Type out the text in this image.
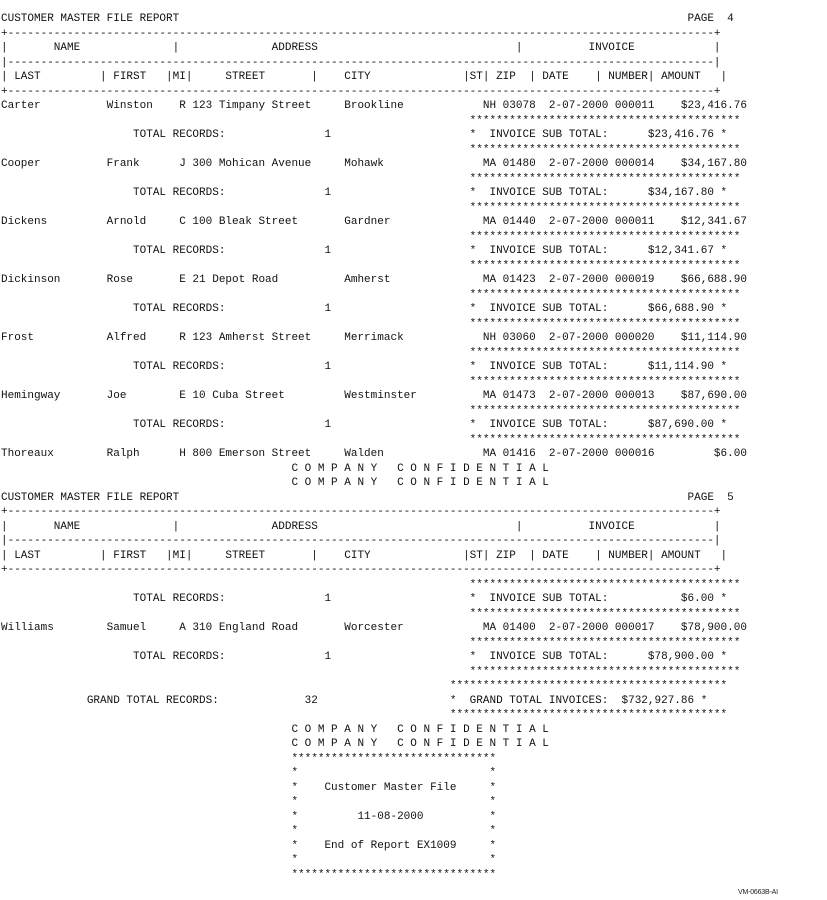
CUSTOMER MASTER FILE REPORT                                                                             PAGE  4
+-----------------------------------------------------------------------------------------------------------+
|       NAME              |              ADDRESS                              |          INVOICE            |
|-----------------------------------------------------------------------------------------------------------|
| LAST         | FIRST   |MI|     STREET       |    CITY              |ST| ZIP  | DATE    | NUMBER| AMOUNT   |
+-----------------------------------------------------------------------------------------------------------+
Carter          Winston    R 123 Timpany Street     Brookline            NH 03078  2-07-2000 000011    $23,416.76
*****************************************
TOTAL RECORDS:               1                     *  INVOICE SUB TOTAL:      $23,416.76 *
*****************************************
Cooper          Frank      J 300 Mohican Avenue     Mohawk               MA 01480  2-07-2000 000014    $34,167.80
*****************************************
TOTAL RECORDS:               1                     *  INVOICE SUB TOTAL:      $34,167.80 *
*****************************************
Dickens         Arnold     C 100 Bleak Street       Gardner              MA 01440  2-07-2000 000011    $12,341.67
*****************************************
TOTAL RECORDS:               1                     *  INVOICE SUB TOTAL:      $12,341.67 *
*****************************************
Dickinson       Rose       E 21 Depot Road          Amherst              MA 01423  2-07-2000 000019    $66,688.90
*****************************************
TOTAL RECORDS:               1                     *  INVOICE SUB TOTAL:      $66,688.90 *
*****************************************
Frost           Alfred     R 123 Amherst Street     Merrimack            NH 03060  2-07-2000 000020    $11,114.90
*****************************************
TOTAL RECORDS:               1                     *  INVOICE SUB TOTAL:      $11,114.90 *
*****************************************
Hemingway       Joe        E 10 Cuba Street         Westminster          MA 01473  2-07-2000 000013    $87,690.00
*****************************************
TOTAL RECORDS:               1                     *  INVOICE SUB TOTAL:      $87,690.00 *
*****************************************
Thoreaux        Ralph      H 800 Emerson Street     Walden               MA 01416  2-07-2000 000016         $6.00
C O M P A N Y   C O N F I D E N T I A L
C O M P A N Y   C O N F I D E N T I A L
CUSTOMER MASTER FILE REPORT                                                                             PAGE  5
+-----------------------------------------------------------------------------------------------------------+
|       NAME              |              ADDRESS                              |          INVOICE            |
|-----------------------------------------------------------------------------------------------------------|
| LAST         | FIRST   |MI|     STREET       |    CITY              |ST| ZIP  | DATE    | NUMBER| AMOUNT   |
+-----------------------------------------------------------------------------------------------------------+
*****************************************
TOTAL RECORDS:               1                     *  INVOICE SUB TOTAL:           $6.00 *
*****************************************
Williams        Samuel     A 310 England Road       Worcester            MA 01400  2-07-2000 000017    $78,900.00
*****************************************
TOTAL RECORDS:               1                     *  INVOICE SUB TOTAL:      $78,900.00 *
*****************************************
******************************************
GRAND TOTAL RECORDS:             32                    *  GRAND TOTAL INVOICES:  $732,927.86 *
******************************************
C O M P A N Y   C O N F I D E N T I A L
C O M P A N Y   C O N F I D E N T I A L
*******************************
*                             *
*    Customer Master File     *
*                             *
*         11-08-2000          *
*                             *
*    End of Report EX1009     *
*                             *
*******************************
VM-0663B-AI
